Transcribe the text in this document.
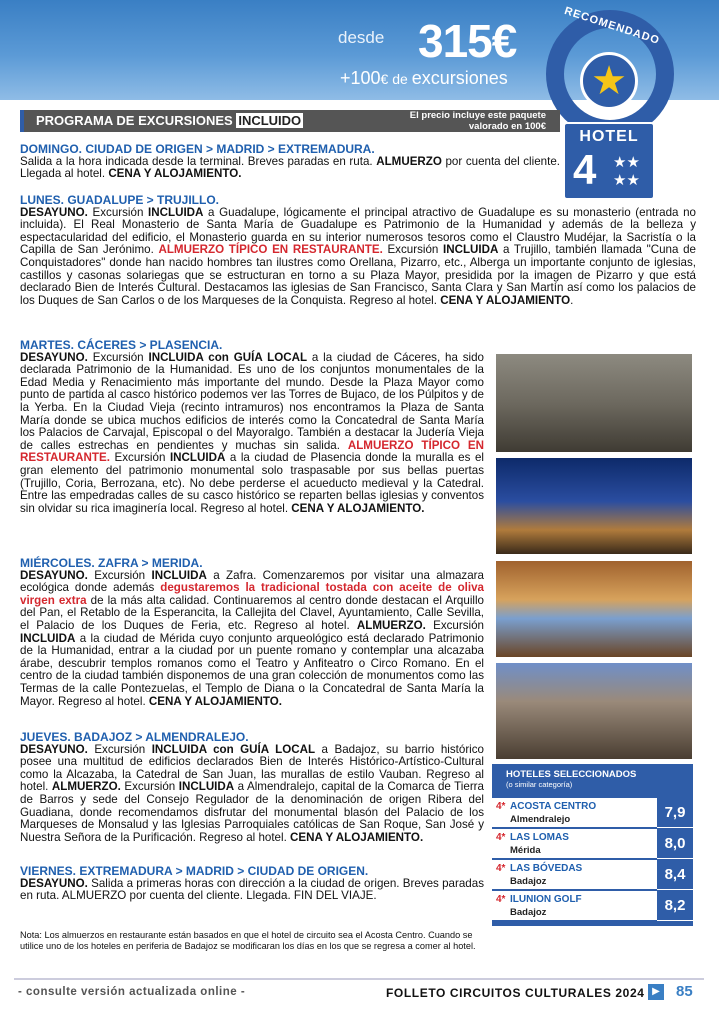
desde 315€
+100€ de excursiones
RECOMENDADO
★
HOTEL
4 ★★
★★
PROGRAMA DE EXCURSIONES INCLUIDO	El precio incluye este paquete
valorado en 100€
DOMINGO. CIUDAD DE ORIGEN > MADRID > EXTREMADURA.
Salida a la hora indicada desde la terminal. Breves paradas en ruta. ALMUERZO por cuenta del cliente. Llegada al hotel. CENA Y ALOJAMIENTO.
LUNES. GUADALUPE > TRUJILLO.
DESAYUNO. Excursión INCLUIDA a Guadalupe, lógicamente el principal atractivo de Guadalupe es su monasterio (entrada no incluida). El Real Monasterio de Santa María de Guadalupe es Patrimonio de la Humanidad y además de la belleza y espectacularidad del edificio, el Monasterio guarda en su interior numerosos tesoros como el Claustro Mudéjar, la Sacristía o la Capilla de San Jerónimo. ALMUERZO TÍPICO EN RESTAURANTE. Excursión INCLUIDA a Trujillo, también llamada "Cuna de Conquistadores" donde han nacido hombres tan ilustres como Orellana, Pizarro, etc., Alberga un importante conjunto de iglesias, castillos y casonas solariegas que se estructuran en torno a su Plaza Mayor, presidida por la imagen de Pizarro y que está declarado Bien de Interés Cultural. Destacamos las iglesias de San Francisco, Santa Clara y San Martín así como los palacios de los Duques de San Carlos o de los Marqueses de la Conquista. Regreso al hotel. CENA Y ALOJAMIENTO.
MARTES. CÁCERES > PLASENCIA.
DESAYUNO. Excursión INCLUIDA con GUÍA LOCAL a la ciudad de Cáceres, ha sido declarada Patrimonio de la Humanidad. Es uno de los conjuntos monumentales de la Edad Media y Renacimiento más importante del mundo. Desde la Plaza Mayor como punto de partida al casco histórico podemos ver las Torres de Bujaco, de los Púlpitos y de la Yerba. En la Ciudad Vieja (recinto intramuros) nos encontramos la Plaza de Santa María donde se ubica muchos edificios de interés como la Concatedral de Santa María los Palacios de Carvajal, Episcopal o del Mayoralgo. También a destacar la Judería Vieja de calles estrechas en pendientes y muchas sin salida. ALMUERZO TÍPICO EN RESTAURANTE. Excursión INCLUIDA a la ciudad de Plasencia donde la muralla es el gran elemento del patrimonio monumental solo traspasable por sus bellas puertas (Trujillo, Coria, Berrozana, etc). No debe perderse el acueducto medieval y la Catedral. Entre las empedradas calles de su casco histórico se reparten bellas iglesias y conventos sin olvidar su rica imaginería local. Regreso al hotel. CENA Y ALOJAMIENTO.
MIÉRCOLES. ZAFRA > MERIDA.
DESAYUNO. Excursión INCLUIDA a Zafra. Comenzaremos por visitar una almazara ecológica donde además degustaremos la tradicional tostada con aceite de oliva virgen extra de la más alta calidad. Continuaremos al centro donde destacan el Arquillo del Pan, el Retablo de la Esperancita, la Callejita del Clavel, Ayuntamiento, Calle Sevilla, el Palacio de los Duques de Feria, etc. Regreso al hotel. ALMUERZO. Excursión INCLUIDA a la ciudad de Mérida cuyo conjunto arqueológico está declarado Patrimonio de la Humanidad, entrar a la ciudad por un puente romano y contemplar una alcazaba árabe, descubrir templos romanos como el Teatro y Anfiteatro o Circo Romano. En el centro de la ciudad también disponemos de una gran colección de monumentos como las Termas de la calle Pontezuelas, el Templo de Diana o la Concatedral de Santa María la Mayor. Regreso al hotel. CENA Y ALOJAMIENTO.
JUEVES. BADAJOZ > ALMENDRALEJO.
DESAYUNO. Excursión INCLUIDA con GUÍA LOCAL a Badajoz, su barrio histórico posee una multitud de edificios declarados Bien de Interés Histórico-Artístico-Cultural como la Alcazaba, la Catedral de San Juan, las murallas de estilo Vauban. Regreso al hotel. ALMUERZO. Excursión INCLUIDA a Almendralejo, capital de la Comarca de Tierra de Barros y sede del Consejo Regulador de la denominación de origen Ribera del Guadiana, donde recomendamos disfrutar del monumental blasón del Palacio de los Marqueses de Monsalud y las Iglesias Parroquiales católicas de San Roque, San José y Nuestra Señora de la Purificación. Regreso al hotel. CENA Y ALOJAMIENTO.
VIERNES. EXTREMADURA > MADRID > CIUDAD DE ORIGEN.
DESAYUNO. Salida a primeras horas con dirección a la ciudad de origen. Breves paradas en ruta. ALMUERZO por cuenta del cliente. Llegada. FIN DEL VIAJE.
HOTELES SELECCIONADOS
(o similar categoría)
4* ACOSTA CENTRO
Almendralejo	7,9
4* LAS LOMAS
Mérida	8,0
4* LAS BÓVEDAS
Badajoz	8,4
4* ILUNION GOLF
Badajoz	8,2
Nota: Los almuerzos en restaurante están basados en que el hotel de circuito sea el Acosta Centro. Cuando se utilice uno de los hoteles en periferia de Badajoz se modificaran los días en los que se regresa a comer al hotel.
- consulte versión actualizada online -	FOLLETO CIRCUITOS CULTURALES 2024 ▶ 85
